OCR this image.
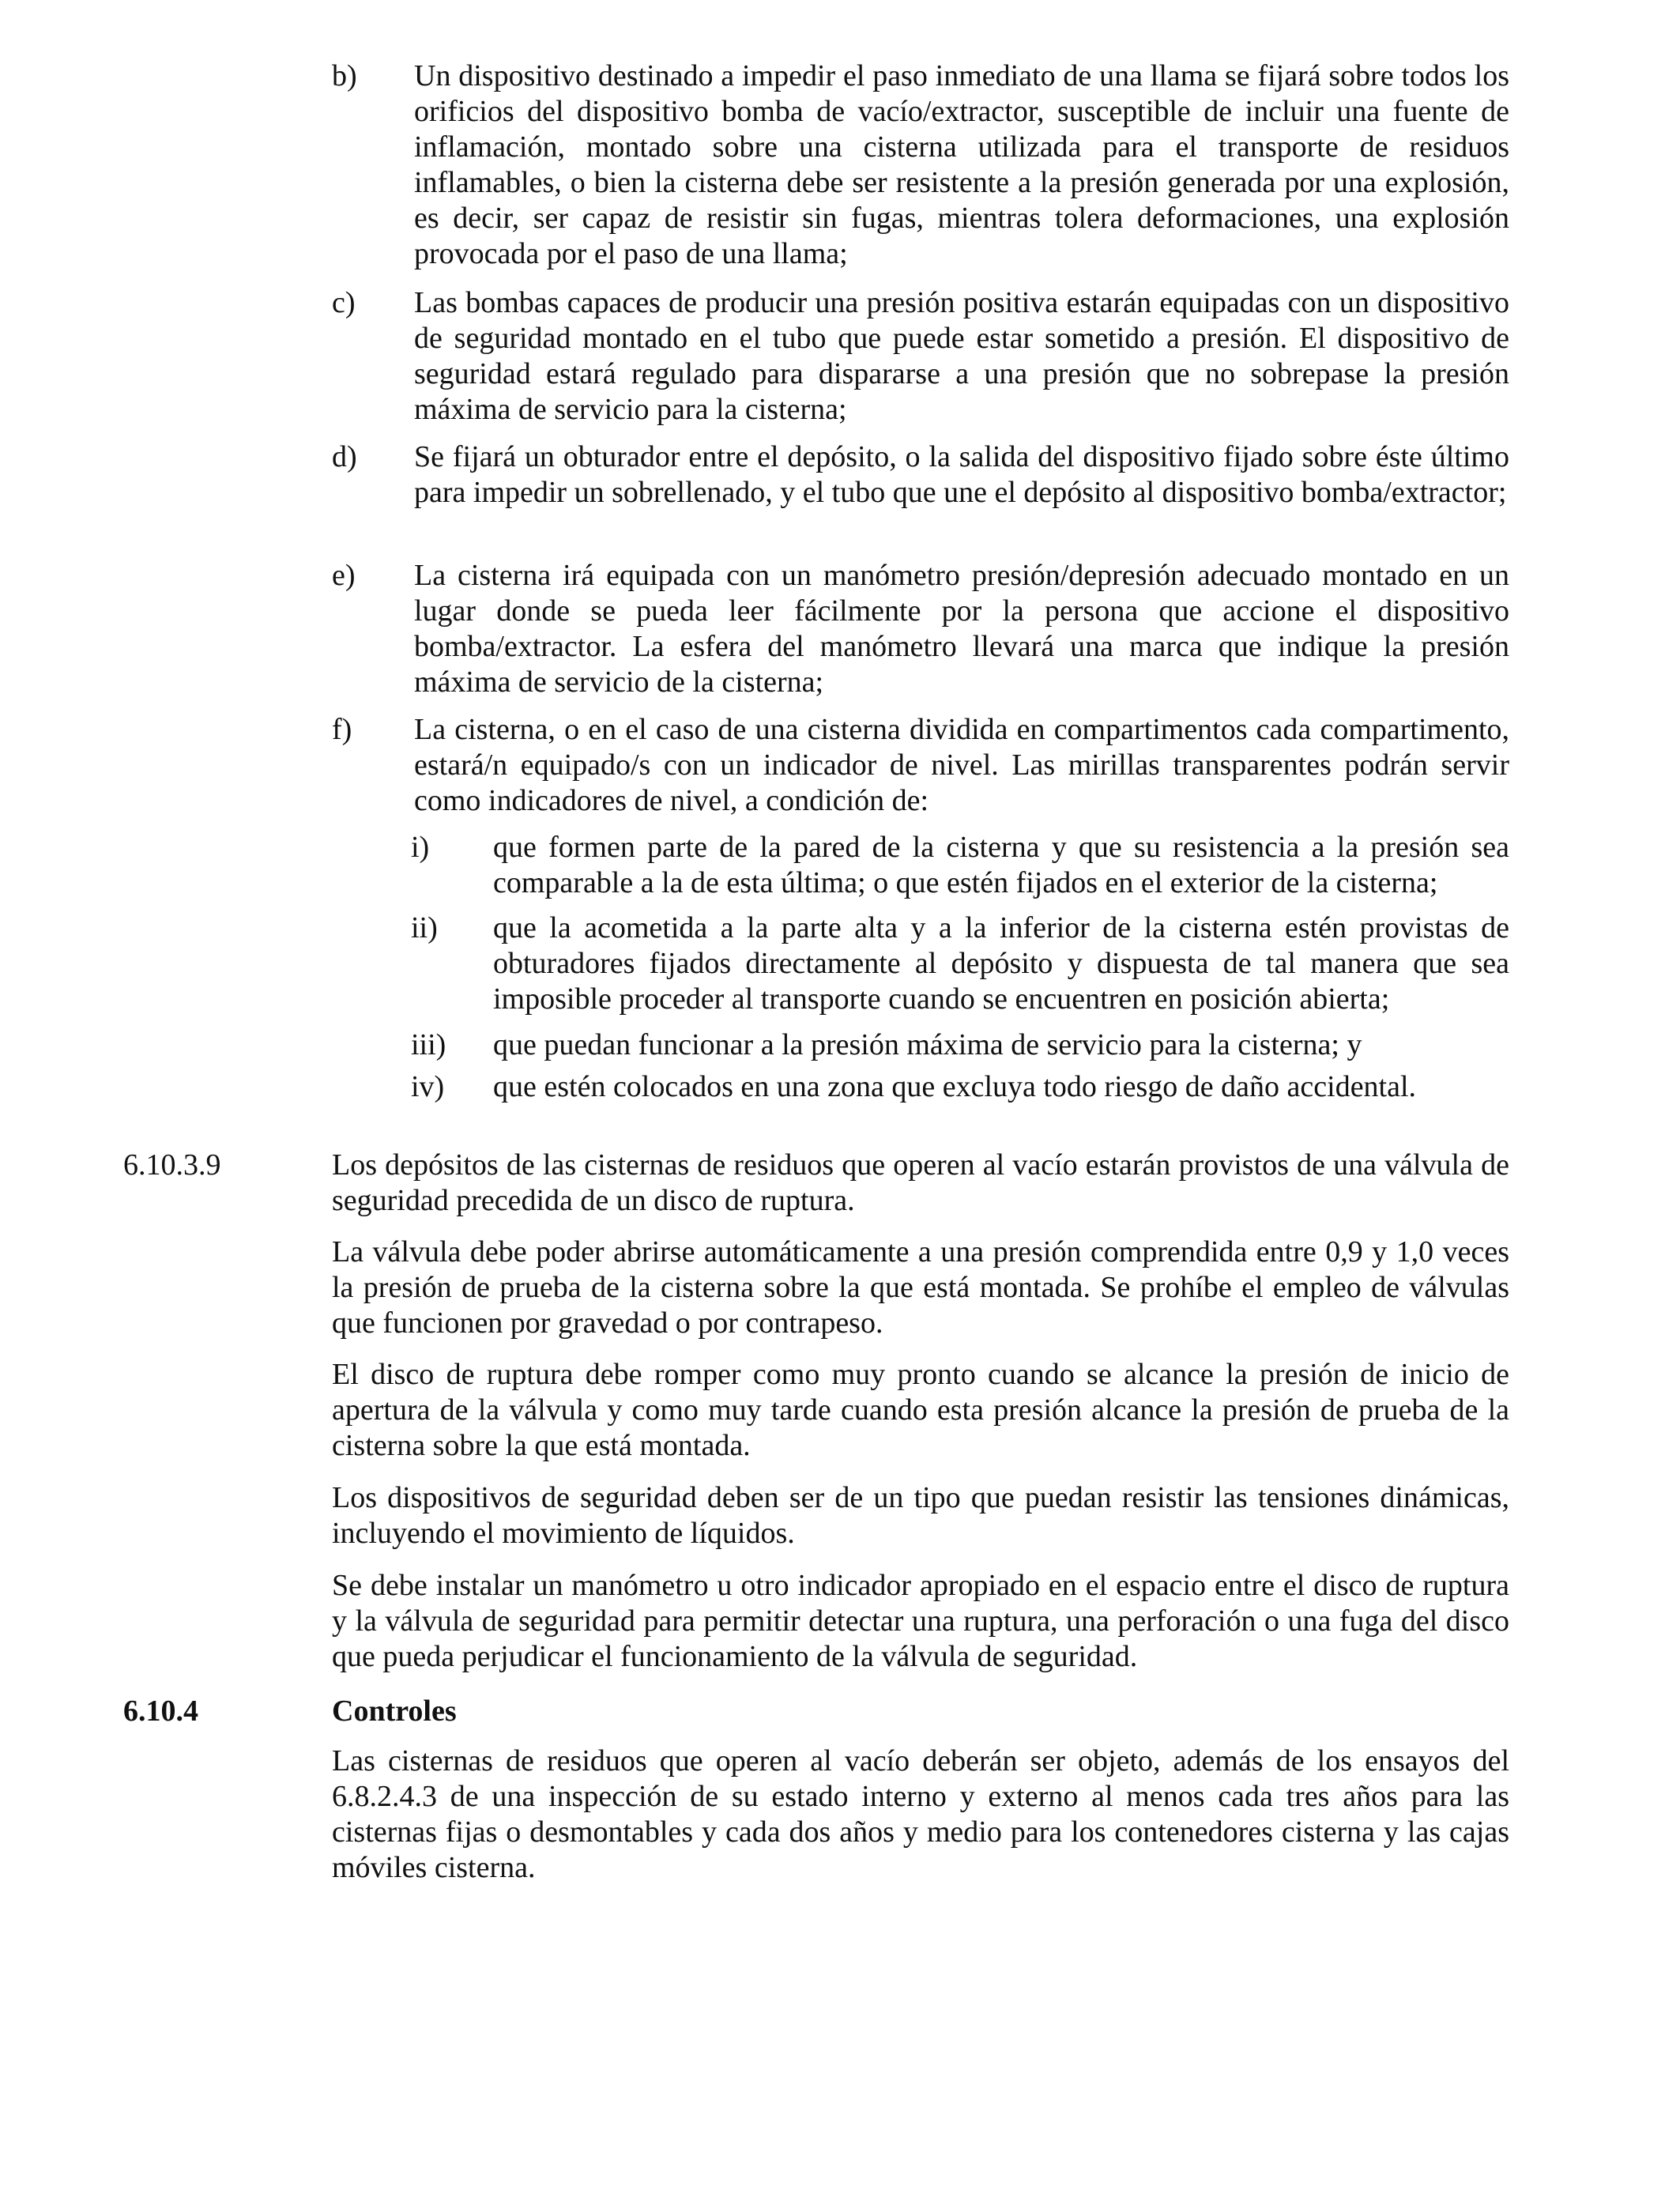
b)	Un dispositivo destinado a impedir el paso inmediato de una llama se fijará sobre todos los orificios del dispositivo bomba de vacío/extractor, susceptible de incluir una fuente de inflamación, montado sobre una cisterna utilizada para el transporte de residuos inflamables, o bien la cisterna debe ser resistente a la presión generada por una explosión, es decir, ser capaz de resistir sin fugas, mientras tolera deformaciones, una explosión provocada por el paso de una llama;
c)	Las bombas capaces de producir una presión positiva estarán equipadas con un dispositivo de seguridad montado en el tubo que puede estar sometido a presión. El dispositivo de seguridad estará regulado para dispararse a una presión que no sobrepase la presión máxima de servicio para la cisterna;
d)	Se fijará un obturador entre el depósito, o la salida del dispositivo fijado sobre éste último para impedir un sobrellenado, y el tubo que une el depósito al dispositivo bomba/extractor;
e)	La cisterna irá equipada con un manómetro presión/depresión adecuado montado en un lugar donde se pueda leer fácilmente por la persona que accione el dispositivo bomba/extractor. La esfera del manómetro llevará una marca que indique la presión máxima de servicio de la cisterna;
f)	La cisterna, o en el caso de una cisterna dividida en compartimentos cada compartimento, estará/n equipado/s con un indicador de nivel. Las mirillas transparentes podrán servir como indicadores de nivel, a condición de:
i)	que formen parte de la pared de la cisterna y que su resistencia a la presión sea comparable a la de esta última; o que estén fijados en el exterior de la cisterna;
ii)	que la acometida a la parte alta y a la inferior de la cisterna estén provistas de obturadores fijados directamente al depósito y dispuesta de tal manera que sea imposible proceder al transporte cuando se encuentren en posición abierta;
iii)	que puedan funcionar a la presión máxima de servicio para la cisterna; y
iv)	que estén colocados en una zona que excluya todo riesgo de daño accidental.
6.10.3.9	Los depósitos de las cisternas de residuos que operen al vacío estarán provistos de una válvula de seguridad precedida de un disco de ruptura.
La válvula debe poder abrirse automáticamente a una presión comprendida entre 0,9 y 1,0 veces la presión de prueba de la cisterna sobre la que está montada. Se prohíbe el empleo de válvulas que funcionen por gravedad o por contrapeso.
El disco de ruptura debe romper como muy pronto cuando se alcance la presión de inicio de apertura de la válvula y como muy tarde cuando esta presión alcance la presión de prueba de la cisterna sobre la que está montada.
Los dispositivos de seguridad deben ser de un tipo que puedan resistir las tensiones dinámicas, incluyendo el movimiento de líquidos.
Se debe instalar un manómetro u otro indicador apropiado en el espacio entre el disco de ruptura y la válvula de seguridad para permitir detectar una ruptura, una perforación o una fuga del disco que pueda perjudicar el funcionamiento de la válvula de seguridad.
6.10.4	Controles
Las cisternas de residuos que operen al vacío deberán ser objeto, además de los ensayos del 6.8.2.4.3 de una inspección de su estado interno y externo al menos cada tres años para las cisternas fijas o desmontables y cada dos años y medio para los contenedores cisterna y las cajas móviles cisterna.
